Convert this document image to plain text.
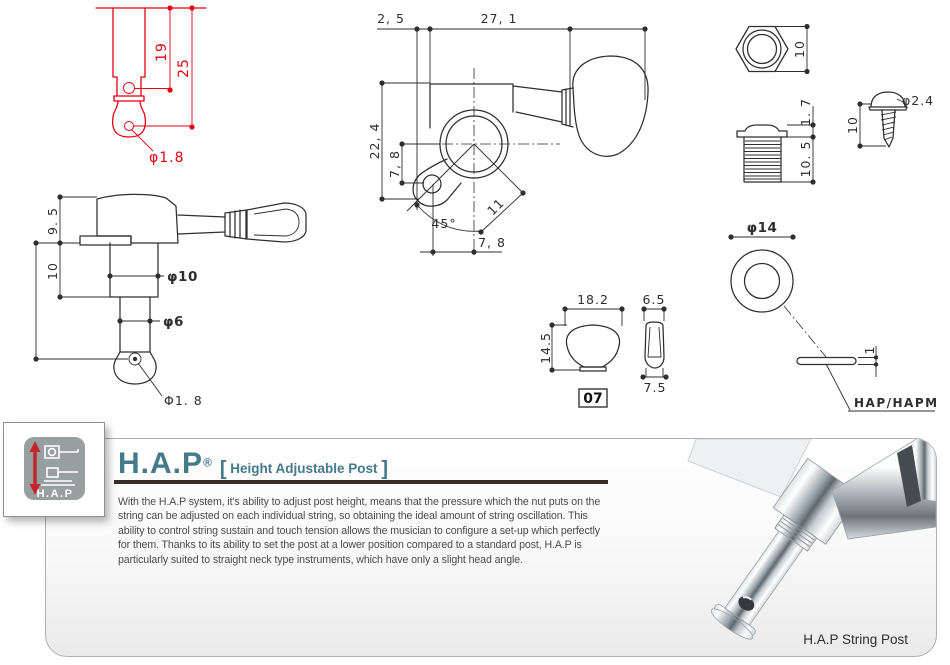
19
25
φ1.8
φ10
φ6
Φ1. 8
9. 5
10
2, 5	27, 1
22, 4
7, 8
11
45°
7, 8
10
1. 7
10. 5
10
φ2.4
φ14
1
HAP/HAPM
18.2
14.5
6.5
7.5
07
H.A.P® [ Height Adjustable Post ]
With the H.A.P system, it's ability to adjust post height, means that the pressure which the nut puts on the
string can be adjusted on each individual string, so obtaining the ideal amount of string oscillation. This
ability to control string sustain and touch tension allows the musician to configure a set-up which perfectly
for them. Thanks to its ability to set the post at a lower position compared to a standard post, H.A.P is
particularly suited to straight neck type instruments, which have only a slight head angle.
H.A.P String Post
H.A.P
